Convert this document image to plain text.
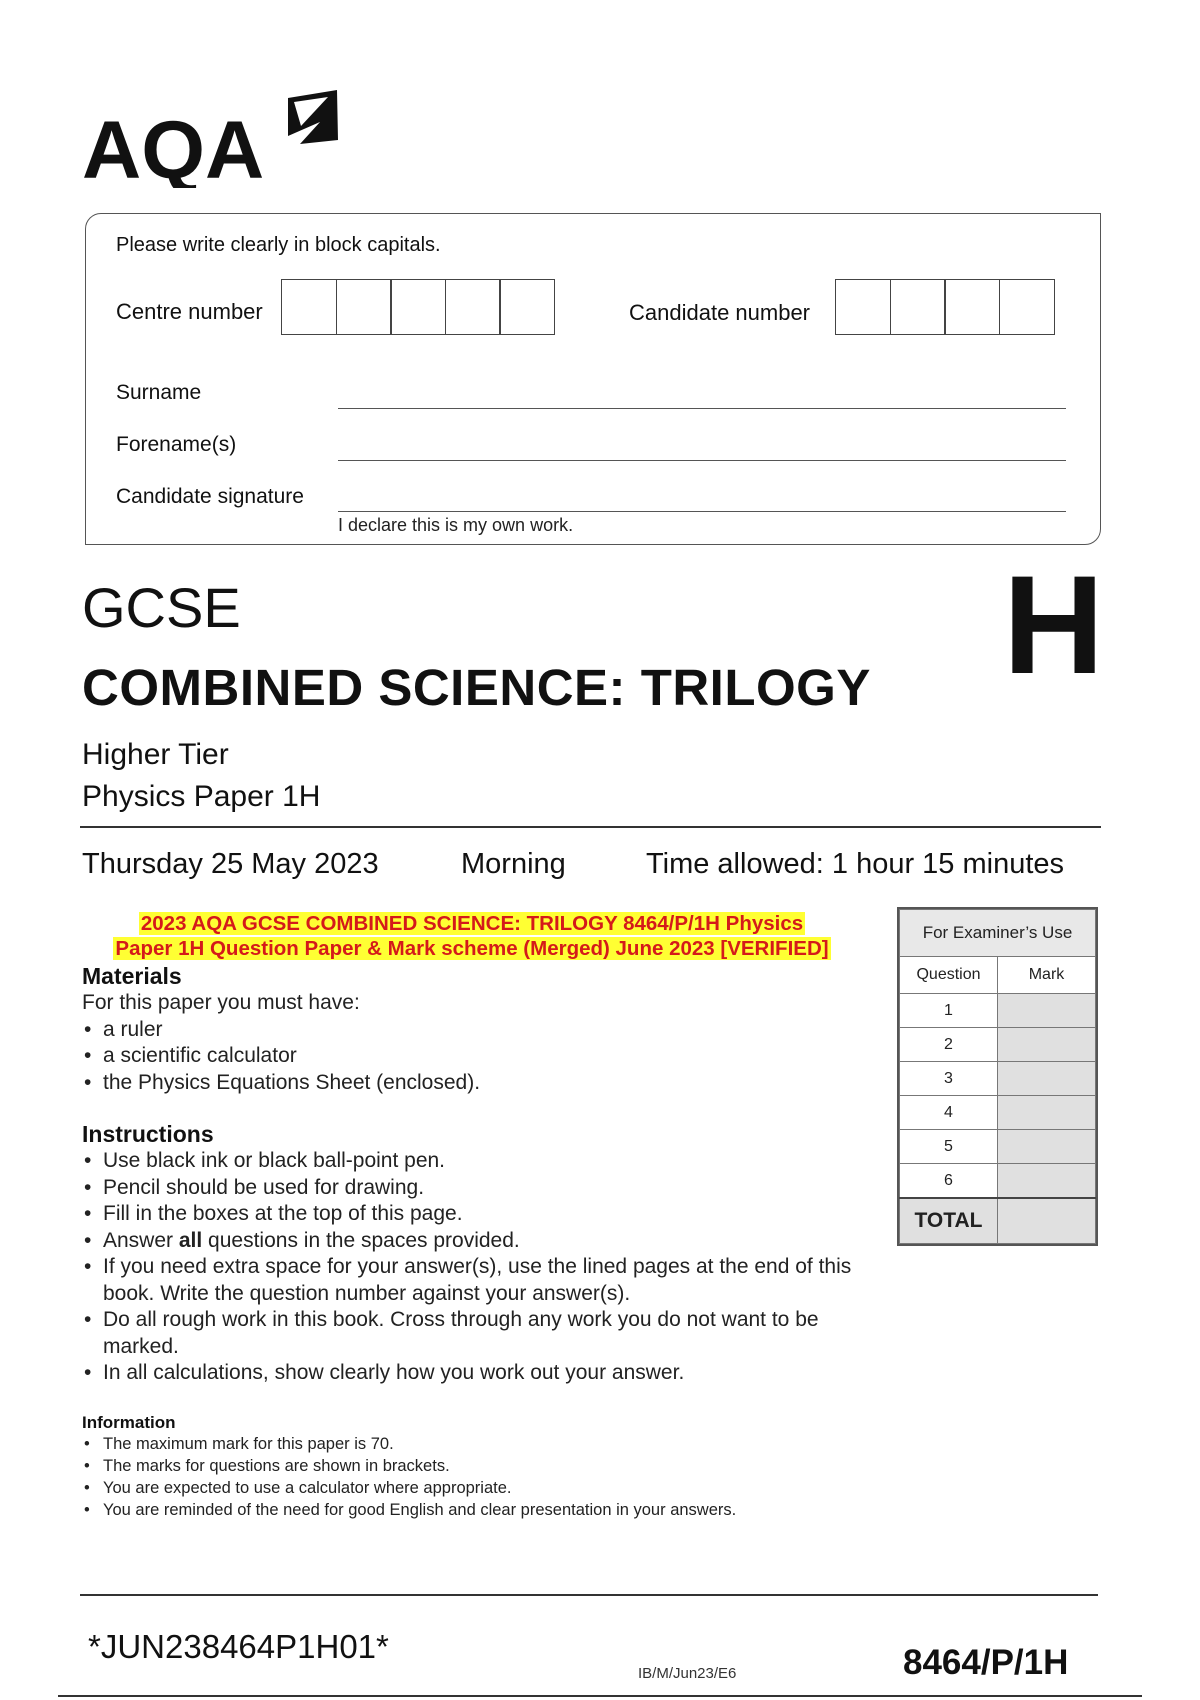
AQA
Please write clearly in block capitals.
Centre number	Candidate number
Surname
Forename(s)
Candidate signature
I declare this is my own work.
GCSE	H
COMBINED SCIENCE: TRILOGY
Higher Tier
Physics Paper 1H
Thursday 25 May 2023	Morning	Time allowed: 1 hour 15 minutes
2023 AQA GCSE COMBINED SCIENCE: TRILOGY 8464/P/1H Physics
Paper 1H Question Paper & Mark scheme (Merged) June 2023 [VERIFIED]
Materials
For this paper you must have:
• a ruler
• a scientific calculator
• the Physics Equations Sheet (enclosed).
Instructions
• Use black ink or black ball-point pen.
• Pencil should be used for drawing.
• Fill in the boxes at the top of this page.
• Answer all questions in the spaces provided.
• If you need extra space for your answer(s), use the lined pages at the end of this book. Write the question number against your answer(s).
• Do all rough work in this book. Cross through any work you do not want to be marked.
• In all calculations, show clearly how you work out your answer.
Information
• The maximum mark for this paper is 70.
• The marks for questions are shown in brackets.
• You are expected to use a calculator where appropriate.
• You are reminded of the need for good English and clear presentation in your answers.
For Examiner’s Use	
Question	Mark
1	
2	
3	
4	
5	
6	
TOTAL	
*JUN238464P1H01*
IB/M/Jun23/E6	8464/P/1H
